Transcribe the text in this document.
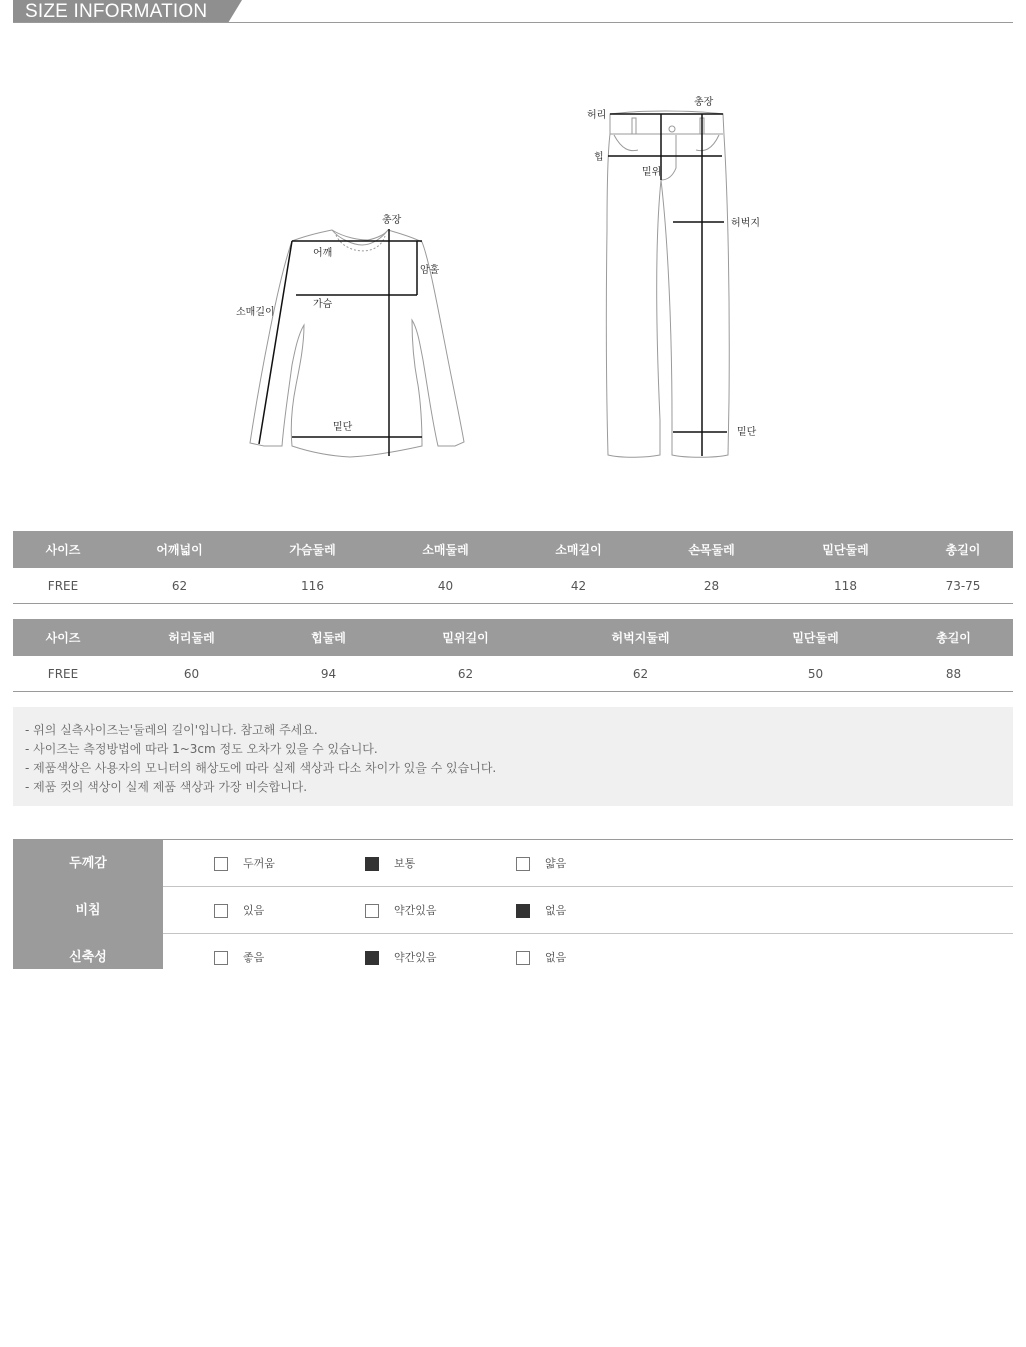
SIZE INFORMATION
총장
어깨
암홀
가슴
소매길이
밑단
허리
총장
힙
밑위
허벅지
밑단
사이즈	어깨넓이	가슴둘레	소매둘레	소매길이	손목둘레	밑단둘레	총길이
FREE	62	116	40	42	28	118	73-75
사이즈	허리둘레	힙둘레	밑위길이	허벅지둘레	밑단둘레	총길이
FREE	60	94	62	62	50	88
- 위의 실측사이즈는'둘레의 길이'입니다. 참고해 주세요.
- 사이즈는 측정방법에 따라 1~3cm 정도 오차가 있을 수 있습니다.
- 제품색상은 사용자의 모니터의 해상도에 따라 실제 색상과 다소 차이가 있을 수 있습니다.
- 제품 컷의 색상이 실제 제품 색상과 가장 비슷합니다.
두께감	두꺼움	보통	얇음
비침	있음	약간있음	없음
신축성	좋음	약간있음	없음
